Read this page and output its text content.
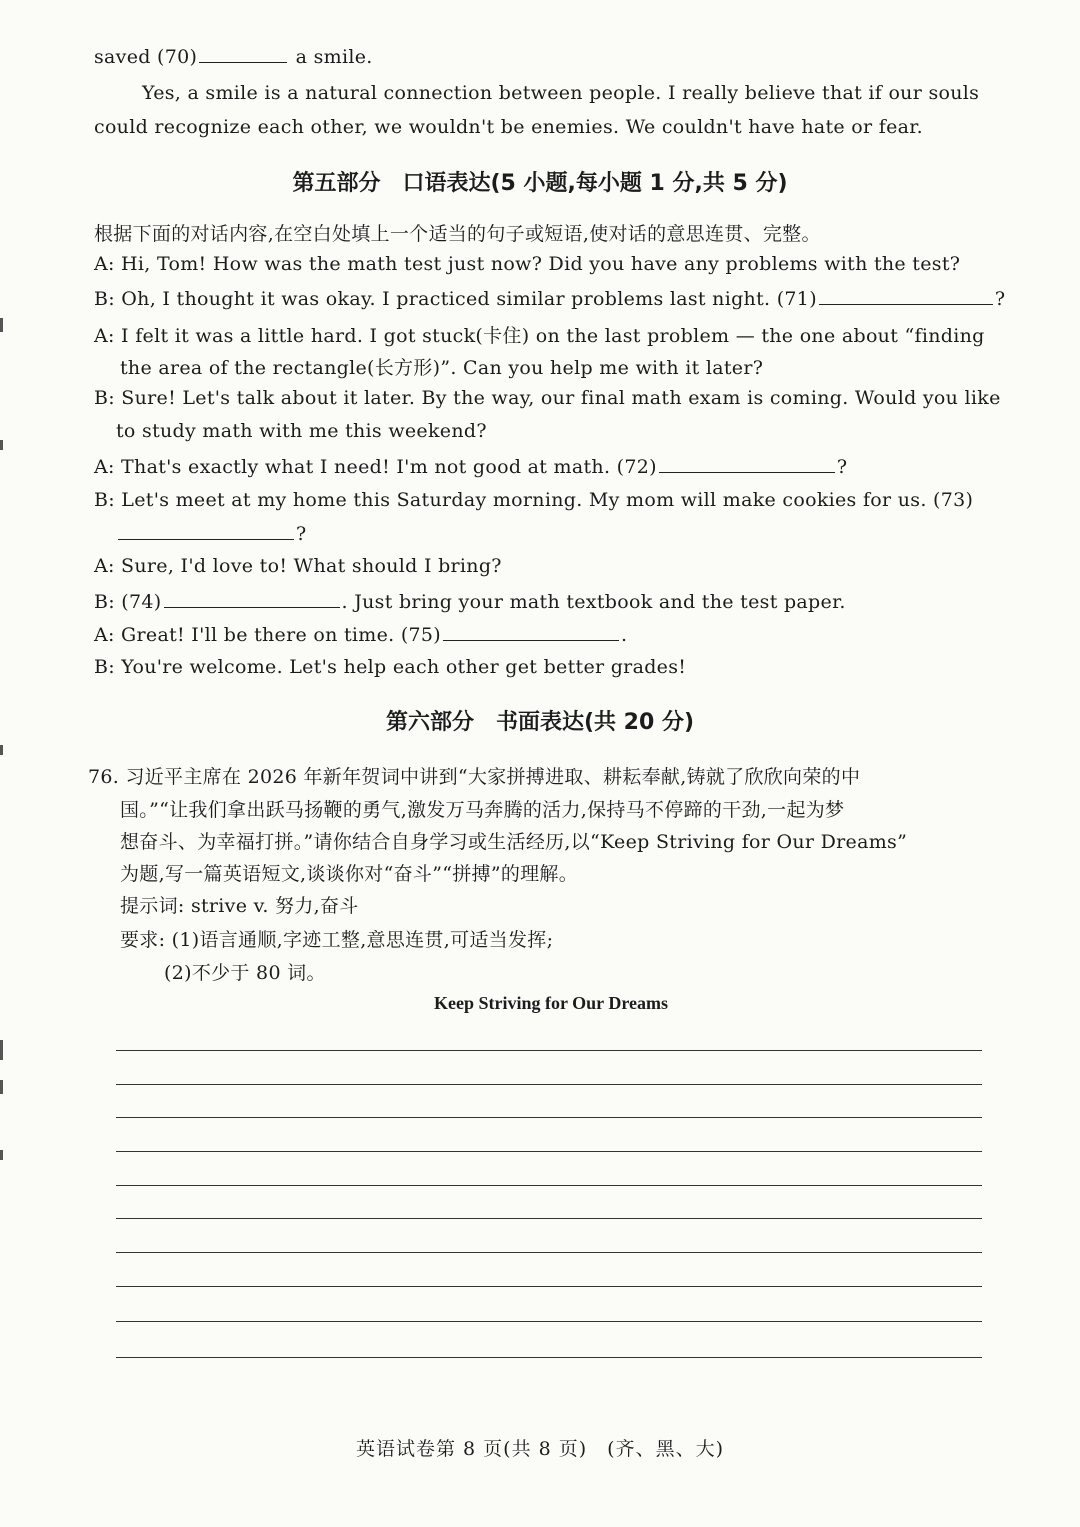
saved (70)	a smile.
Yes, a smile is a natural connection between people. I really believe that if our souls
could recognize each other, we wouldn't be enemies. We couldn't have hate or fear.
第五部分　口语表达(5 小题,每小题 1 分,共 5 分)
根据下面的对话内容,在空白处填上一个适当的句子或短语,使对话的意思连贯、完整。
A: Hi, Tom! How was the math test just now? Did you have any problems with the test?
B: Oh, I thought it was okay. I practiced similar problems last night. (71)	?
A: I felt it was a little hard. I got stuck(卡住) on the last problem — the one about “finding
the area of the rectangle(长方形)”. Can you help me with it later?
B: Sure! Let's talk about it later. By the way, our final math exam is coming. Would you like
to study math with me this weekend?
A: That's exactly what I need! I'm not good at math. (72)	?
B: Let's meet at my home this Saturday morning. My mom will make cookies for us. (73)
?
A: Sure, I'd love to! What should I bring?
B: (74)	. Just bring your math textbook and the test paper.
A: Great! I'll be there on time. (75)	.
B: You're welcome. Let's help each other get better grades!
第六部分　书面表达(共 20 分)
76. 习近平主席在 2026 年新年贺词中讲到“大家拼搏进取、耕耘奉献,铸就了欣欣向荣的中
国。”“让我们拿出跃马扬鞭的勇气,激发万马奔腾的活力,保持马不停蹄的干劲,一起为梦
想奋斗、为幸福打拼。”请你结合自身学习或生活经历,以“Keep Striving for Our Dreams”
为题,写一篇英语短文,谈谈你对“奋斗”“拼搏”的理解。
提示词: strive v. 努力,奋斗
要求: (1)语言通顺,字迹工整,意思连贯,可适当发挥;
(2)不少于 80 词。
Keep Striving for Our Dreams
英语试卷第 8 页(共 8 页)　(齐、黑、大)
